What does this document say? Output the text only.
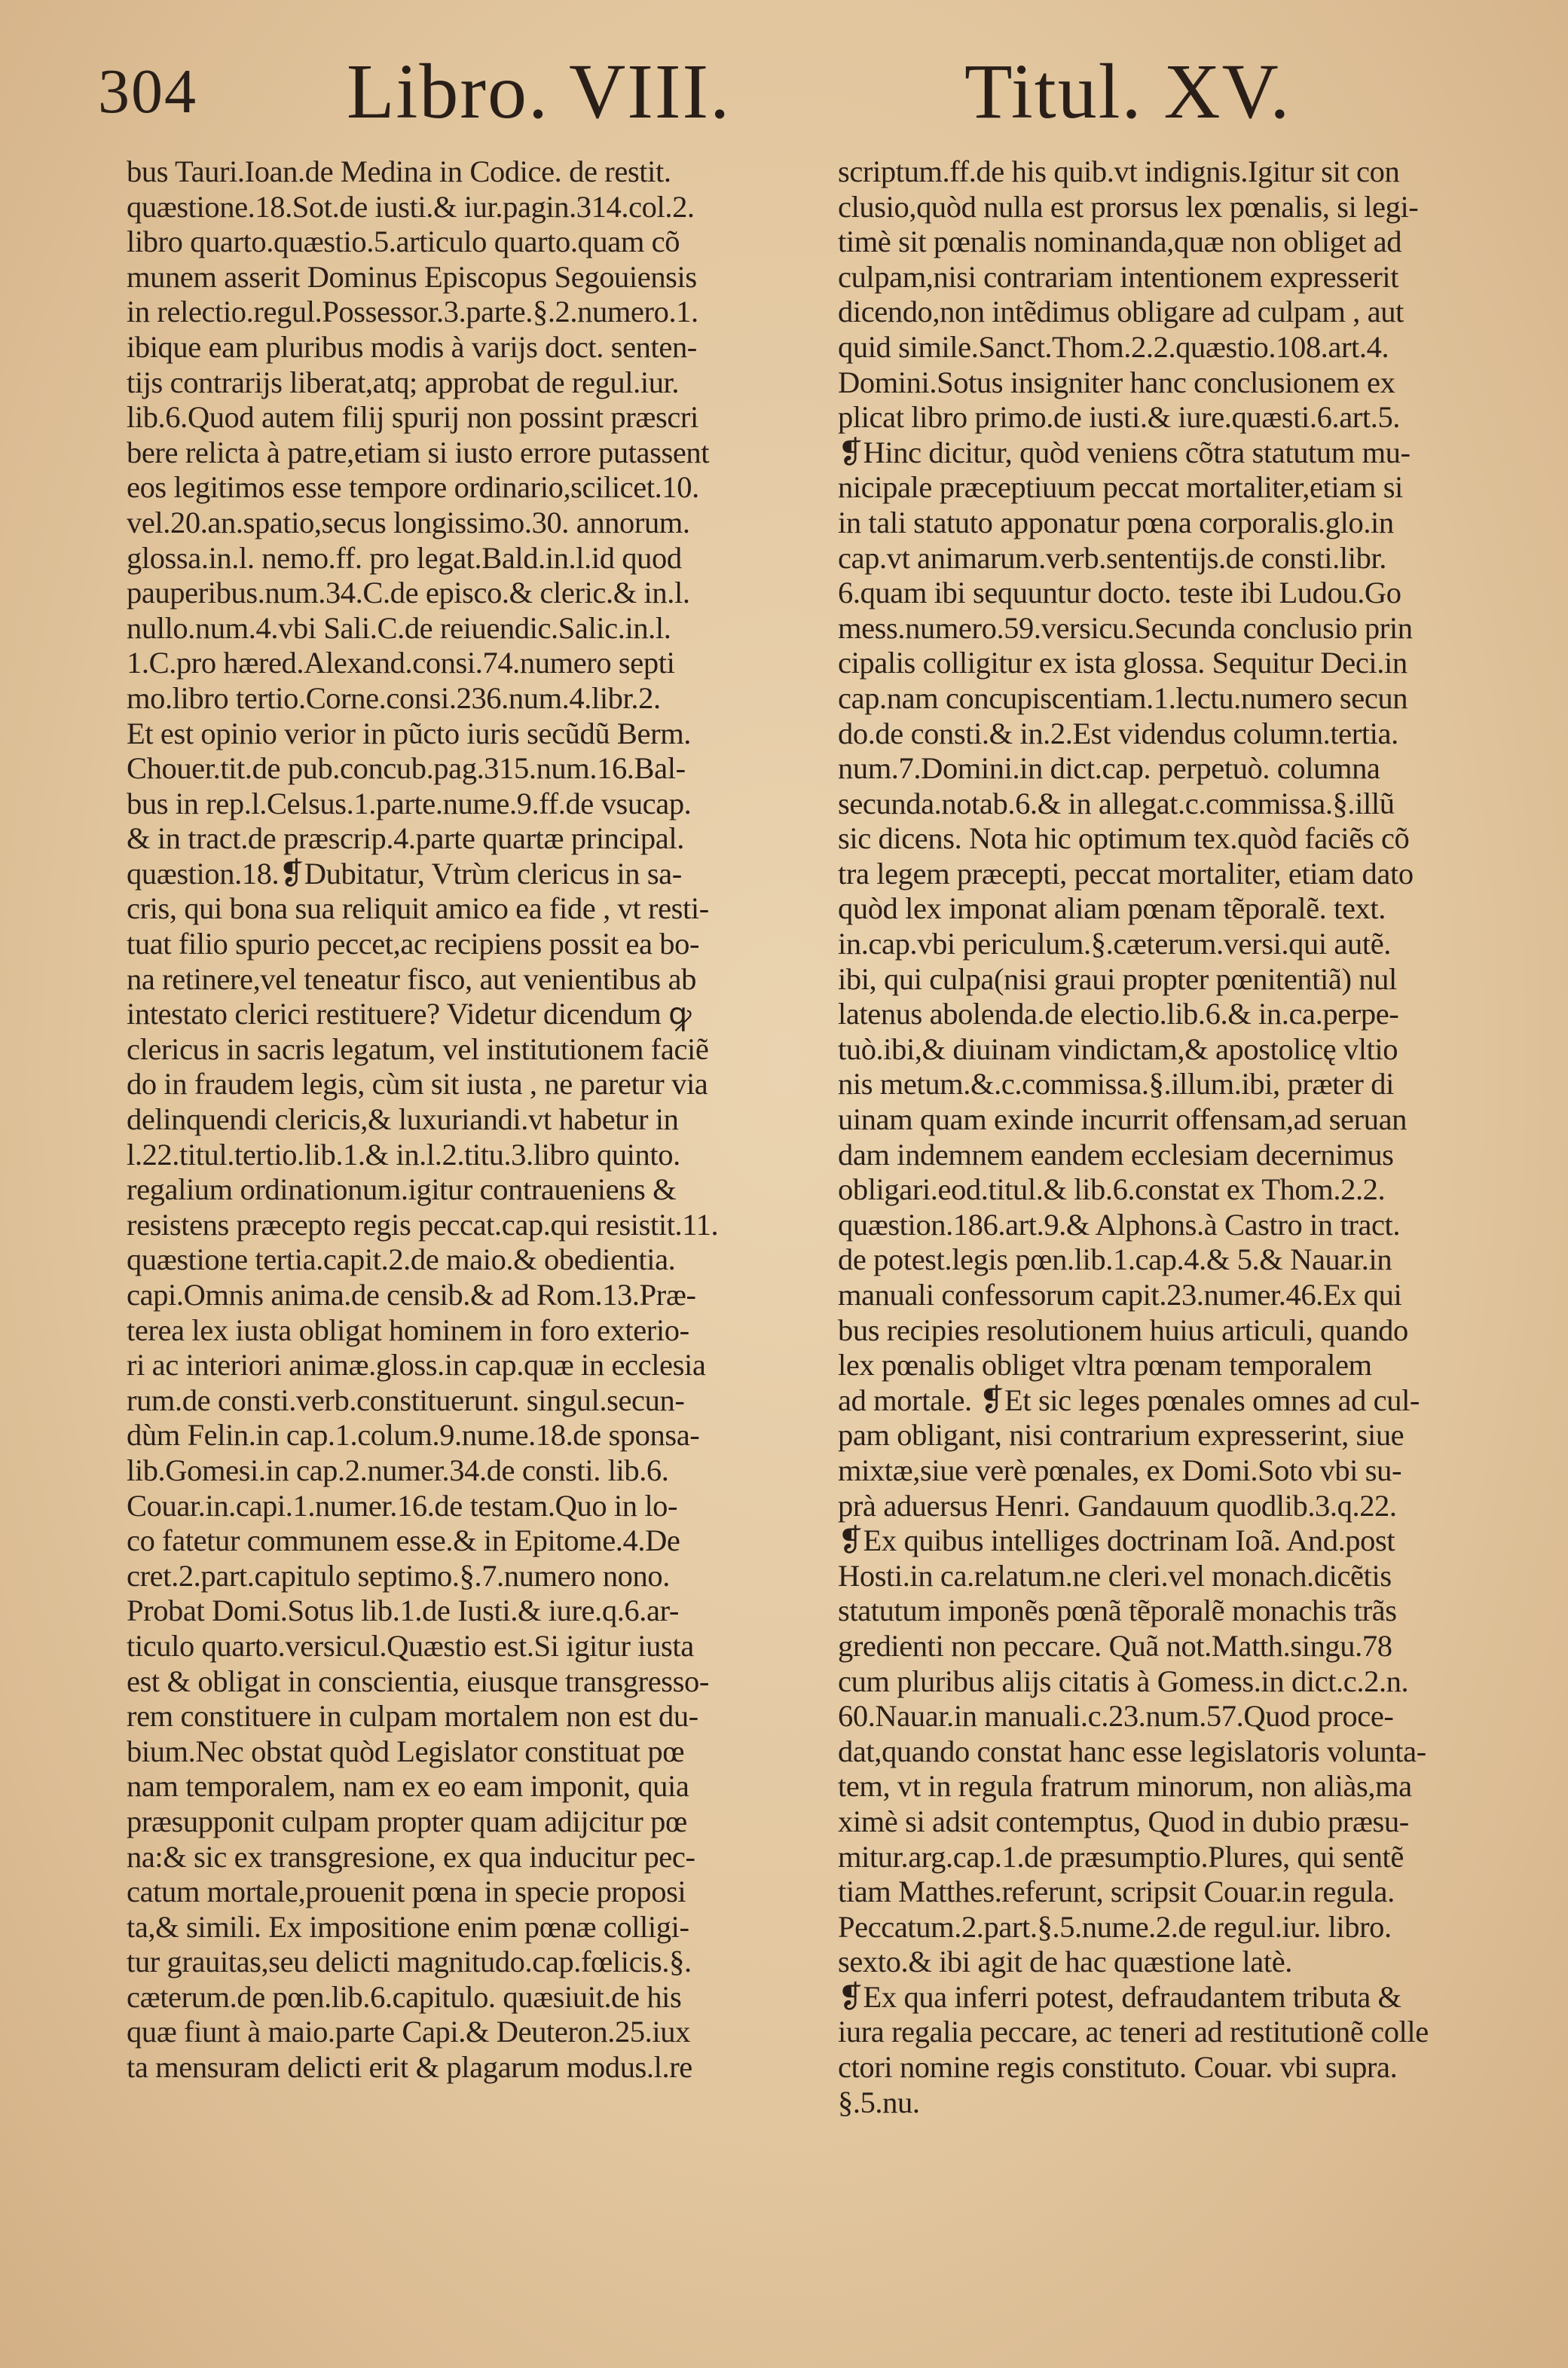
304 Libro. VIII.	Titul. XV.
bus Tauri.Ioan.de Medina in Codice. de restit.
quæstione.18.Sot.de iusti.& iur.pagin.314.col.2.
libro quarto.quæstio.5.articulo quarto.quam cõ
munem asserit Dominus Episcopus Segouiensis
in relectio.regul.Possessor.3.parte.§.2.numero.1.
ibique eam pluribus modis à varijs doct. senten-
tijs contrarijs liberat,atq; approbat de regul.iur.
lib.6.Quod autem filij spurij non possint præscri
bere relicta à patre,etiam si iusto errore putassent
eos legitimos esse tempore ordinario,scilicet.10.
vel.20.an.spatio,secus longissimo.30. annorum.
glossa.in.l. nemo.ff. pro legat.Bald.in.l.id quod
pauperibus.num.34.C.de episco.& cleric.& in.l.
nullo.num.4.vbi Sali.C.de reiuendic.Salic.in.l.
1.C.pro hæred.Alexand.consi.74.numero septi
mo.libro tertio.Corne.consi.236.num.4.libr.2.
Et est opinio verior in pũcto iuris secũdũ Berm.
Chouer.tit.de pub.concub.pag.315.num.16.Bal-
bus in rep.l.Celsus.1.parte.nume.9.ff.de vsucap.
& in tract.de præscrip.4.parte quartæ principal.
quæstion.18.❡Dubitatur, Vtrùm clericus in sa-
cris, qui bona sua reliquit amico ea fide , vt resti-
tuat filio spurio peccet,ac recipiens possit ea bo-
na retinere,vel teneatur fisco, aut venientibus ab
intestato clerici restituere? Videtur dicendum ꝙ
clericus in sacris legatum, vel institutionem faciẽ
do in fraudem legis, cùm sit iusta , ne paretur via
delinquendi clericis,& luxuriandi.vt habetur in
l.22.titul.tertio.lib.1.& in.l.2.titu.3.libro quinto.
regalium ordinationum.igitur contraueniens &
resistens præcepto regis peccat.cap.qui resistit.11.
quæstione tertia.capit.2.de maio.& obedientia.
capi.Omnis anima.de censib.& ad Rom.13.Præ-
terea lex iusta obligat hominem in foro exterio-
ri ac interiori animæ.gloss.in cap.quæ in ecclesia
rum.de consti.verb.constituerunt. singul.secun-
dùm Felin.in cap.1.colum.9.nume.18.de sponsa-
lib.Gomesi.in cap.2.numer.34.de consti. lib.6.
Couar.in.capi.1.numer.16.de testam.Quo in lo-
co fatetur communem esse.& in Epitome.4.De
cret.2.part.capitulo septimo.§.7.numero nono.
Probat Domi.Sotus lib.1.de Iusti.& iure.q.6.ar-
ticulo quarto.versicul.Quæstio est.Si igitur iusta
est & obligat in conscientia, eiusque transgresso-
rem constituere in culpam mortalem non est du-
bium.Nec obstat quòd Legislator constituat pœ
nam temporalem, nam ex eo eam imponit, quia
præsupponit culpam propter quam adijcitur pœ
na:& sic ex transgresione, ex qua inducitur pec-
catum mortale,prouenit pœna in specie proposi
ta,& simili. Ex impositione enim pœnæ colligi-
tur grauitas,seu delicti magnitudo.cap.fœlicis.§.
cæterum.de pœn.lib.6.capitulo. quæsiuit.de his
quæ fiunt à maio.parte Capi.& Deuteron.25.iux
ta mensuram delicti erit & plagarum modus.l.re
scriptum.ff.de his quib.vt indignis.Igitur sit con
clusio,quòd nulla est prorsus lex pœnalis, si legi-
timè sit pœnalis nominanda,quæ non obliget ad
culpam,nisi contrariam intentionem expresserit
dicendo,non intẽdimus obligare ad culpam , aut
quid simile.Sanct.Thom.2.2.quæstio.108.art.4.
Domini.Sotus insigniter hanc conclusionem ex
plicat libro primo.de iusti.& iure.quæsti.6.art.5.
❡Hinc dicitur, quòd veniens cõtra statutum mu-
nicipale præceptiuum peccat mortaliter,etiam si
in tali statuto apponatur pœna corporalis.glo.in
cap.vt animarum.verb.sententijs.de consti.libr.
6.quam ibi sequuntur docto. teste ibi Ludou.Go
mess.numero.59.versicu.Secunda conclusio prin
cipalis colligitur ex ista glossa. Sequitur Deci.in
cap.nam concupiscentiam.1.lectu.numero secun
do.de consti.& in.2.Est videndus column.tertia.
num.7.Domini.in dict.cap. perpetuò. columna
secunda.notab.6.& in allegat.c.commissa.§.illũ
sic dicens. Nota hic optimum tex.quòd faciẽs cõ
tra legem præcepti, peccat mortaliter, etiam dato
quòd lex imponat aliam pœnam tẽporalẽ. text.
in.cap.vbi periculum.§.cæterum.versi.qui autẽ.
ibi, qui culpa(nisi graui propter pœnitentiã) nul
latenus abolenda.de electio.lib.6.& in.ca.perpe-
tuò.ibi,& diuinam vindictam,& apostolicę vltio
nis metum.&.c.commissa.§.illum.ibi, præter di
uinam quam exinde incurrit offensam,ad seruan
dam indemnem eandem ecclesiam decernimus
obligari.eod.titul.& lib.6.constat ex Thom.2.2.
quæstion.186.art.9.& Alphons.à Castro in tract.
de potest.legis pœn.lib.1.cap.4.& 5.& Nauar.in
manuali confessorum capit.23.numer.46.Ex qui
bus recipies resolutionem huius articuli, quando
lex pœnalis obliget vltra pœnam temporalem
ad mortale. ❡Et sic leges pœnales omnes ad cul-
pam obligant, nisi contrarium expresserint, siue
mixtæ,siue verè pœnales, ex Domi.Soto vbi su-
prà aduersus Henri. Gandauum quodlib.3.q.22.
❡Ex quibus intelliges doctrinam Ioã. And.post
Hosti.in ca.relatum.ne cleri.vel monach.dicẽtis
statutum imponẽs pœnã tẽporalẽ monachis trãs
gredienti non peccare. Quã not.Matth.singu.78
cum pluribus alijs citatis à Gomess.in dict.c.2.n.
60.Nauar.in manuali.c.23.num.57.Quod proce-
dat,quando constat hanc esse legislatoris volunta-
tem, vt in regula fratrum minorum, non aliàs,ma
ximè si adsit contemptus, Quod in dubio præsu-
mitur.arg.cap.1.de præsumptio.Plures, qui sentẽ
tiam Matthes.referunt, scripsit Couar.in regula.
Peccatum.2.part.§.5.nume.2.de regul.iur. libro.
sexto.& ibi agit de hac quæstione latè.
❡Ex qua inferri potest, defraudantem tributa &
iura regalia peccare, ac teneri ad restitutionẽ colle
ctori nomine regis constituto. Couar. vbi supra.
§.5.nu.
